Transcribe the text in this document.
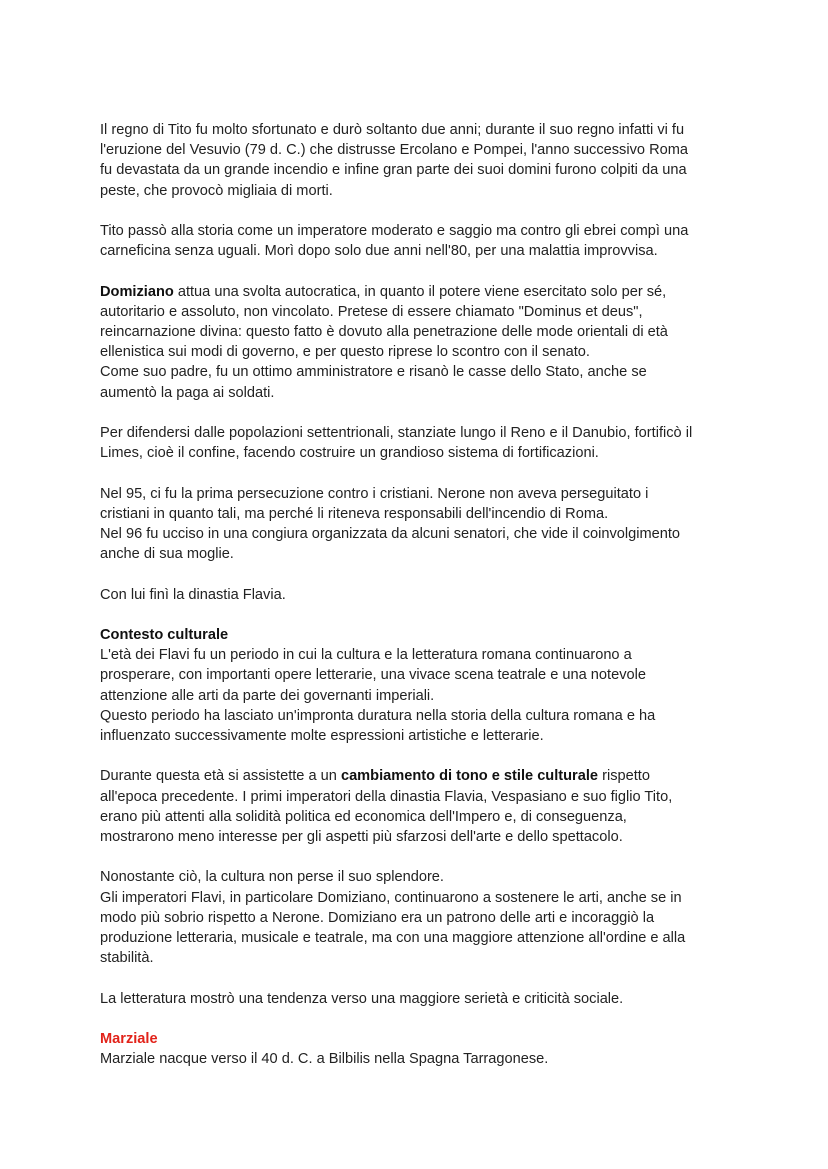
Il regno di Tito fu molto sfortunato e durò soltanto due anni; durante il suo regno infatti vi fu
l'eruzione del Vesuvio (79 d. C.) che distrusse Ercolano e Pompei, l'anno successivo Roma
fu devastata da un grande incendio e infine gran parte dei suoi domini furono colpiti da una
peste, che provocò migliaia di morti.
Tito passò alla storia come un imperatore moderato e saggio ma contro gli ebrei compì una
carneficina senza uguali. Morì dopo solo due anni nell'80, per una malattia improvvisa.
Domiziano attua una svolta autocratica, in quanto il potere viene esercitato solo per sé,
autoritario e assoluto, non vincolato. Pretese di essere chiamato "Dominus et deus",
reincarnazione divina: questo fatto è dovuto alla penetrazione delle mode orientali di età
ellenistica sui modi di governo, e per questo riprese lo scontro con il senato.
Come suo padre, fu un ottimo amministratore e risanò le casse dello Stato, anche se
aumentò la paga ai soldati.
Per difendersi dalle popolazioni settentrionali, stanziate lungo il Reno e il Danubio, fortificò il
Limes, cioè il confine, facendo costruire un grandioso sistema di fortificazioni.
Nel 95, ci fu la prima persecuzione contro i cristiani. Nerone non aveva perseguitato i
cristiani in quanto tali, ma perché li riteneva responsabili dell'incendio di Roma.
Nel 96 fu ucciso in una congiura organizzata da alcuni senatori, che vide il coinvolgimento
anche di sua moglie.
Con lui finì la dinastia Flavia.
Contesto culturale
L'età dei Flavi fu un periodo in cui la cultura e la letteratura romana continuarono a
prosperare, con importanti opere letterarie, una vivace scena teatrale e una notevole
attenzione alle arti da parte dei governanti imperiali.
Questo periodo ha lasciato un'impronta duratura nella storia della cultura romana e ha
influenzato successivamente molte espressioni artistiche e letterarie.
Durante questa età si assistette a un cambiamento di tono e stile culturale rispetto
all'epoca precedente. I primi imperatori della dinastia Flavia, Vespasiano e suo figlio Tito,
erano più attenti alla solidità politica ed economica dell'Impero e, di conseguenza,
mostrarono meno interesse per gli aspetti più sfarzosi dell'arte e dello spettacolo.
Nonostante ciò, la cultura non perse il suo splendore.
Gli imperatori Flavi, in particolare Domiziano, continuarono a sostenere le arti, anche se in
modo più sobrio rispetto a Nerone. Domiziano era un patrono delle arti e incoraggiò la
produzione letteraria, musicale e teatrale, ma con una maggiore attenzione all'ordine e alla
stabilità.
La letteratura mostrò una tendenza verso una maggiore serietà e criticità sociale.
Marziale
Marziale nacque verso il 40 d. C. a Bilbilis nella Spagna Tarragonese.
